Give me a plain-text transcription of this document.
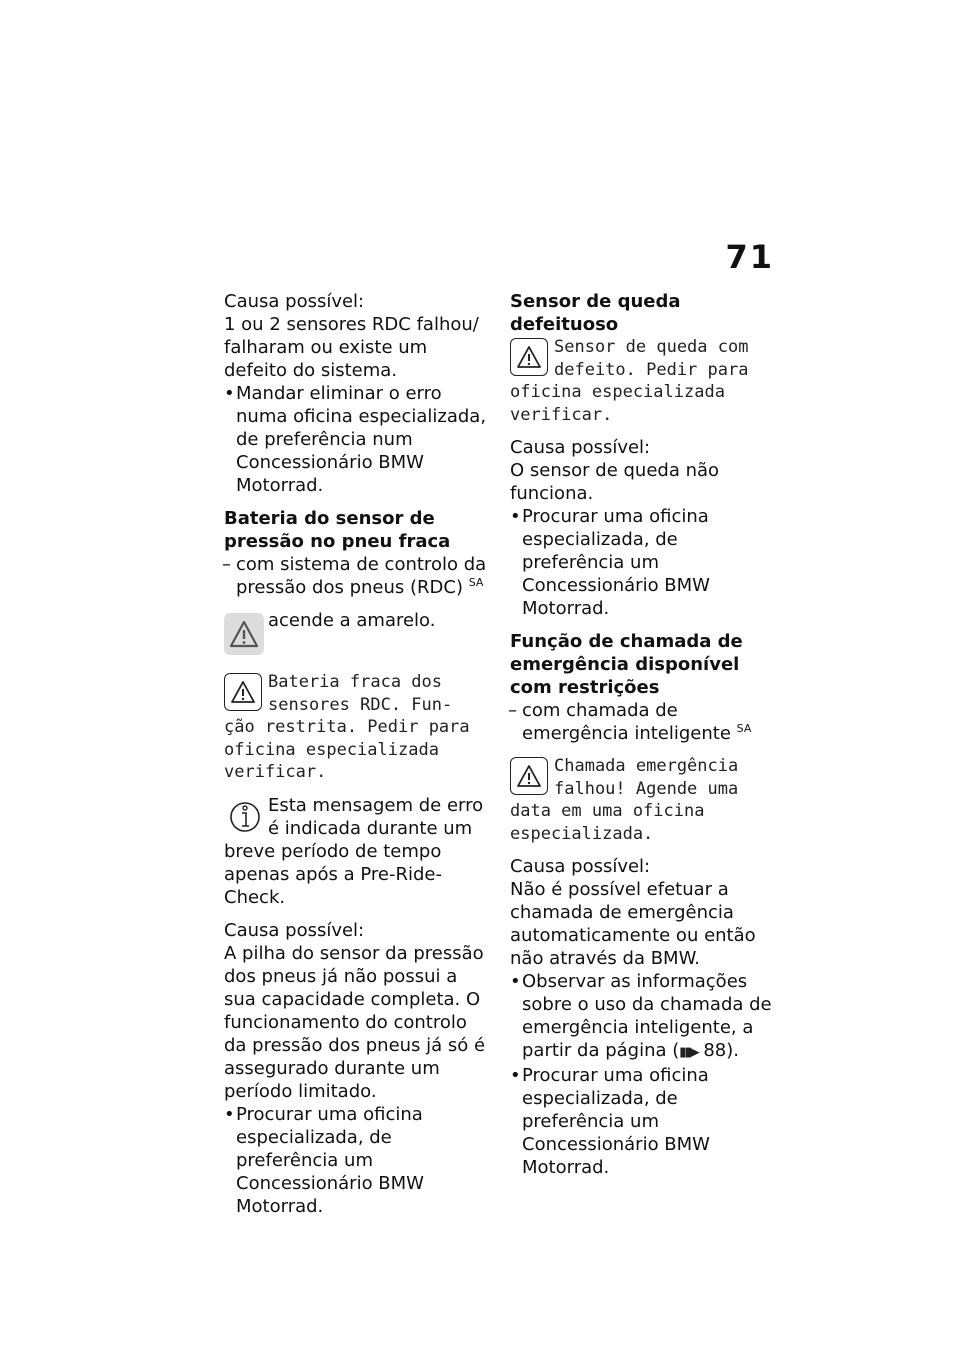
71

Causa possível:

1 ou 2 sensores RDC falhou/ falharam ou existe um defeito do sistema.

• Mandar eliminar o erro numa oficina especializada, de preferência num Concessionário BMW Motorrad.

Bateria do sensor de pressão no pneu fraca

– com sistema de controlo da pressão dos pneus (RDC) $^{SA}$

acende a amarelo.

Bateria fraca dos

sensores RDC. Fun-

ção restrita. Pedir para oficina especializada verificar.

Esta mensagem de erro

é indicada durante um

breve período de tempo apenas após a Pre-Ride-Check.

Causa possível:

A pilha do sensor da pressão dos pneus já não possui a sua capacidade completa. O funcionamento do controlo da pressão dos pneus já só é assegurado durante um período limitado.

• Procurar uma oficina especializada, de preferência um Concessionário BMW Motorrad.

Sensor de queda defeituoso

Sensor de queda com

defeito. Pedir para

oficina especializada verificar.

Causa possível:

O sensor de queda não funciona.

• Procurar uma oficina especializada, de preferência um Concessionário BMW Motorrad.

Função de chamada de emergência disponível com restrições

– com chamada de emergência inteligente $^{SA}$

Chamada emergência

falhou! Agende uma

data em uma oficina especializada.

Causa possível:

Não é possível efetuar a chamada de emergência automaticamente ou então não através da BMW.

• Observar as informações sobre o uso da chamada de emergência inteligente, a partir da página (▮▮▶ 88).

• Procurar uma oficina especializada, de preferência um Concessionário BMW Motorrad.
